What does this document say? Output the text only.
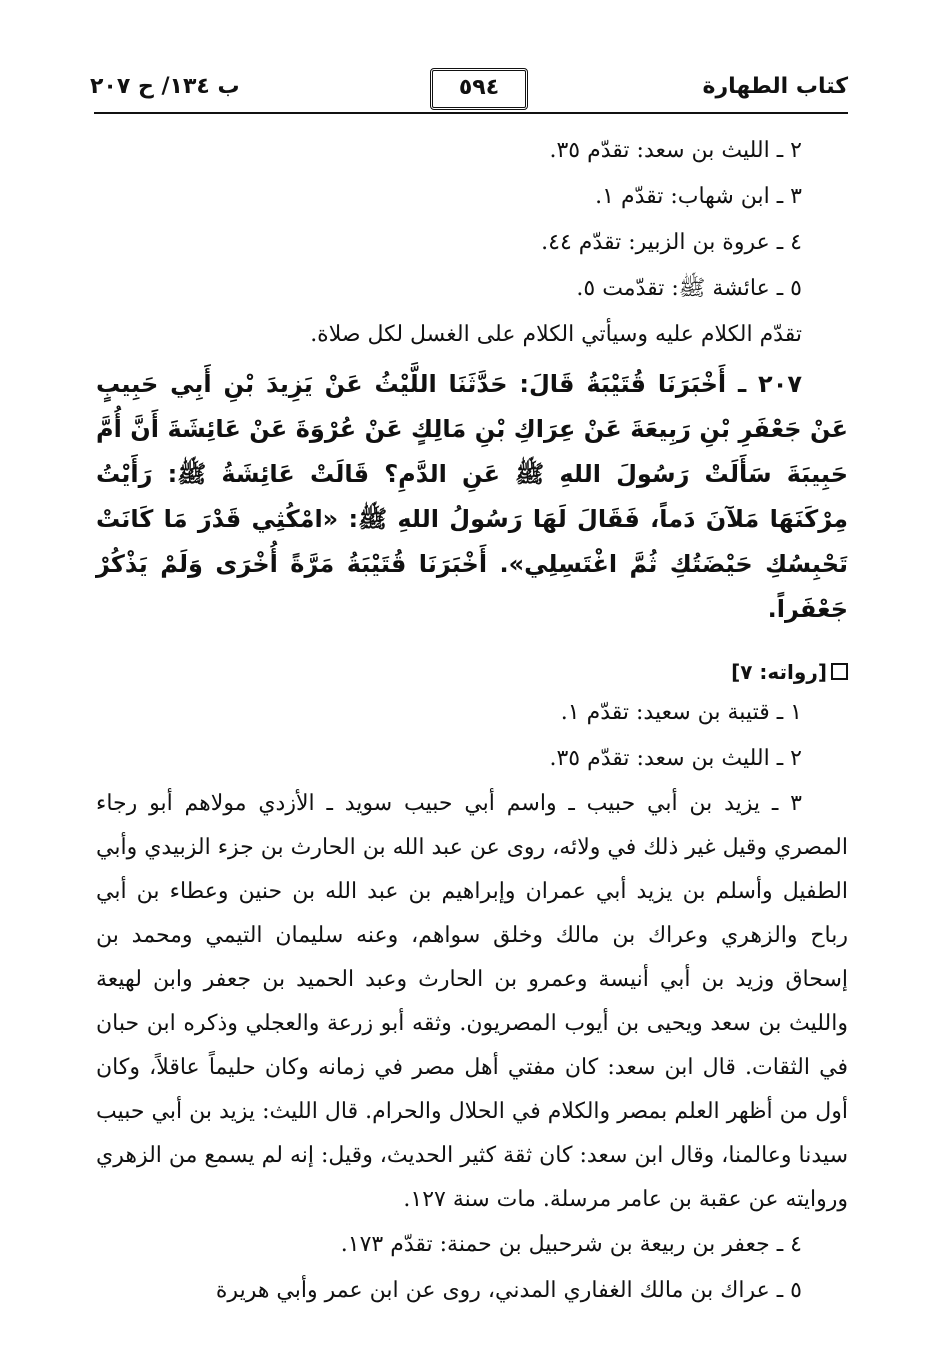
كتاب الطهارة
٥٩٤
ب ١٣٤/ ح ٢٠٧
٢ ـ الليث بن سعد: تقدّم ٣٥.
٣ ـ ابن شهاب: تقدّم ١.
٤ ـ عروة بن الزبير: تقدّم ٤٤.
٥ ـ عائشة ﷺ: تقدّمت ٥.
تقدّم الكلام عليه وسيأتي الكلام على الغسل لكل صلاة.
٢٠٧ ـ أَخْبَرَنَا قُتَيْبَةُ قَالَ: حَدَّثَنَا اللَّيْثُ عَنْ يَزِيدَ بْنِ أَبِي حَبِيبٍ عَنْ جَعْفَرِ بْنِ رَبِيعَةَ عَنْ عِرَاكِ بْنِ مَالِكٍ عَنْ عُرْوَةَ عَنْ عَائِشَةَ أَنَّ أُمَّ حَبِيبَةَ سَأَلَتْ رَسُولَ اللهِ ﷺ عَنِ الدَّمِ؟ قَالَتْ عَائِشَةُ ﷺ: رَأَيْتُ مِرْكَنَهَا مَلآنَ دَماً، فَقَالَ لَهَا رَسُولُ اللهِ ﷺ: «امْكُثِي قَدْرَ مَا كَانَتْ تَحْبِسُكِ حَيْضَتُكِ ثُمَّ اغْتَسِلِي». أَخْبَرَنَا قُتَيْبَةُ مَرَّةً أُخْرَى وَلَمْ يَذْكُرْ جَعْفَراً.
[رواته: ٧]
١ ـ قتيبة بن سعيد: تقدّم ١.
٢ ـ الليث بن سعد: تقدّم ٣٥.
٣ ـ يزيد بن أبي حبيب ـ واسم أبي حبيب سويد ـ الأزدي مولاهم أبو رجاء المصري وقيل غير ذلك في ولائه، روى عن عبد الله بن الحارث بن جزء الزبيدي وأبي الطفيل وأسلم بن يزيد أبي عمران وإبراهيم بن عبد الله بن حنين وعطاء بن أبي رباح والزهري وعراك بن مالك وخلق سواهم، وعنه سليمان التيمي ومحمد بن إسحاق وزيد بن أبي أنيسة وعمرو بن الحارث وعبد الحميد بن جعفر وابن لهيعة والليث بن سعد ويحيى بن أيوب المصريون. وثقه أبو زرعة والعجلي وذكره ابن حبان في الثقات. قال ابن سعد: كان مفتي أهل مصر في زمانه وكان حليماً عاقلاً، وكان أول من أظهر العلم بمصر والكلام في الحلال والحرام. قال الليث: يزيد بن أبي حبيب سيدنا وعالمنا، وقال ابن سعد: كان ثقة كثير الحديث، وقيل: إنه لم يسمع من الزهري وروايته عن عقبة بن عامر مرسلة. مات سنة ١٢٧.
٤ ـ جعفر بن ربيعة بن شرحبيل بن حمنة: تقدّم ١٧٣.
٥ ـ عراك بن مالك الغفاري المدني، روى عن ابن عمر وأبي هريرة
